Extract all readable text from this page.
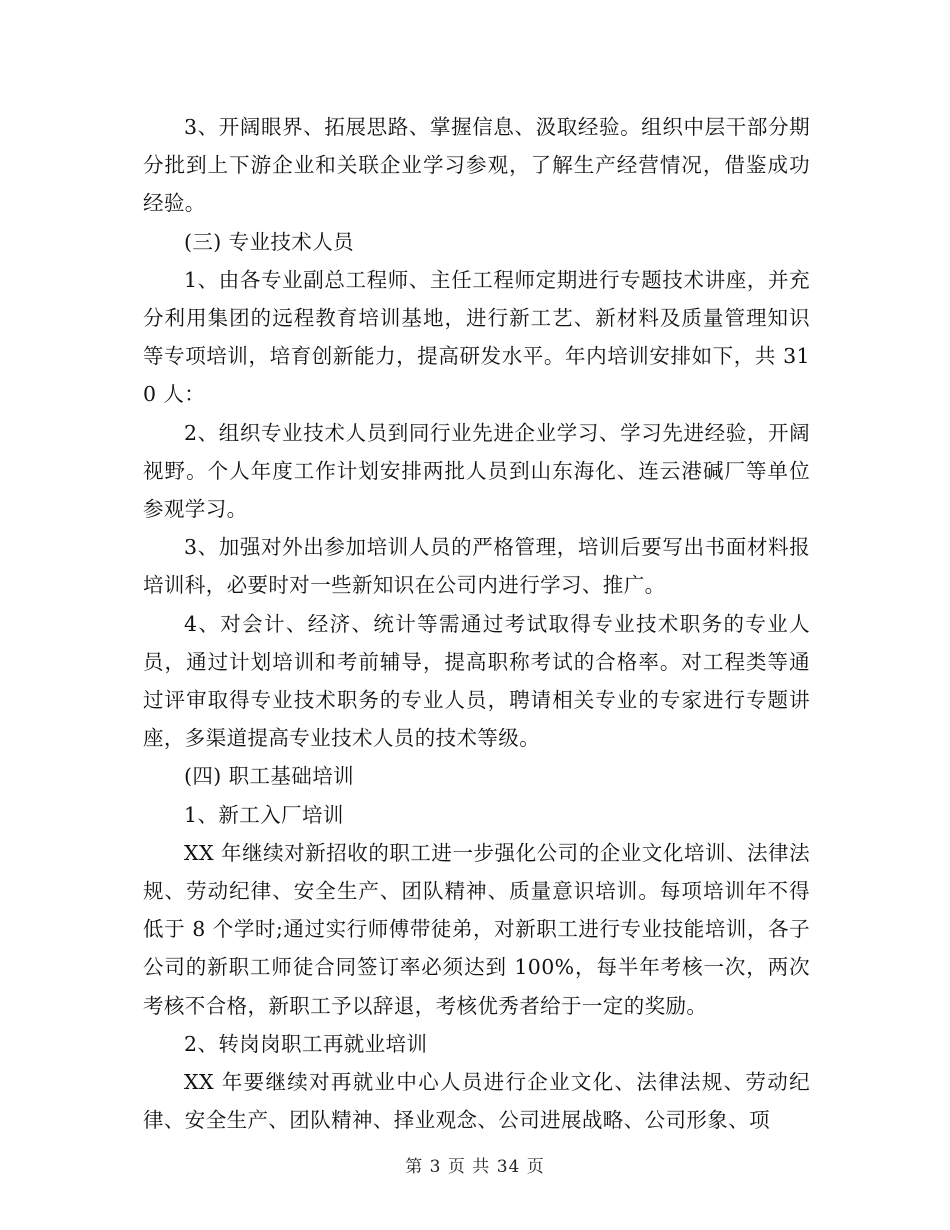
3、开阔眼界、拓展思路、掌握信息、汲取经验。组织中层干部分期分批到上下游企业和关联企业学习参观，了解生产经营情况，借鉴成功经验。

(三) 专业技术人员

1、由各专业副总工程师、主任工程师定期进行专题技术讲座，并充分利用集团的远程教育培训基地，进行新工艺、新材料及质量管理知识等专项培训，培育创新能力，提高研发水平。年内培训安排如下，共 310 人：

2、组织专业技术人员到同行业先进企业学习、学习先进经验，开阔视野。个人年度工作计划安排两批人员到山东海化、连云港碱厂等单位参观学习。

3、加强对外出参加培训人员的严格管理，培训后要写出书面材料报培训科，必要时对一些新知识在公司内进行学习、推广。

4、对会计、经济、统计等需通过考试取得专业技术职务的专业人员，通过计划培训和考前辅导，提高职称考试的合格率。对工程类等通过评审取得专业技术职务的专业人员，聘请相关专业的专家进行专题讲座，多渠道提高专业技术人员的技术等级。

(四) 职工基础培训

1、新工入厂培训

XX 年继续对新招收的职工进一步强化公司的企业文化培训、法律法规、劳动纪律、安全生产、团队精神、质量意识培训。每项培训年不得低于 8 个学时;通过实行师傅带徒弟，对新职工进行专业技能培训，各子公司的新职工师徒合同签订率必须达到 100%，每半年考核一次，两次考核不合格，新职工予以辞退，考核优秀者给于一定的奖励。

2、转岗岗职工再就业培训

XX 年要继续对再就业中心人员进行企业文化、法律法规、劳动纪律、安全生产、团队精神、择业观念、公司进展战略、公司形象、项

第 3 页 共 34 页
